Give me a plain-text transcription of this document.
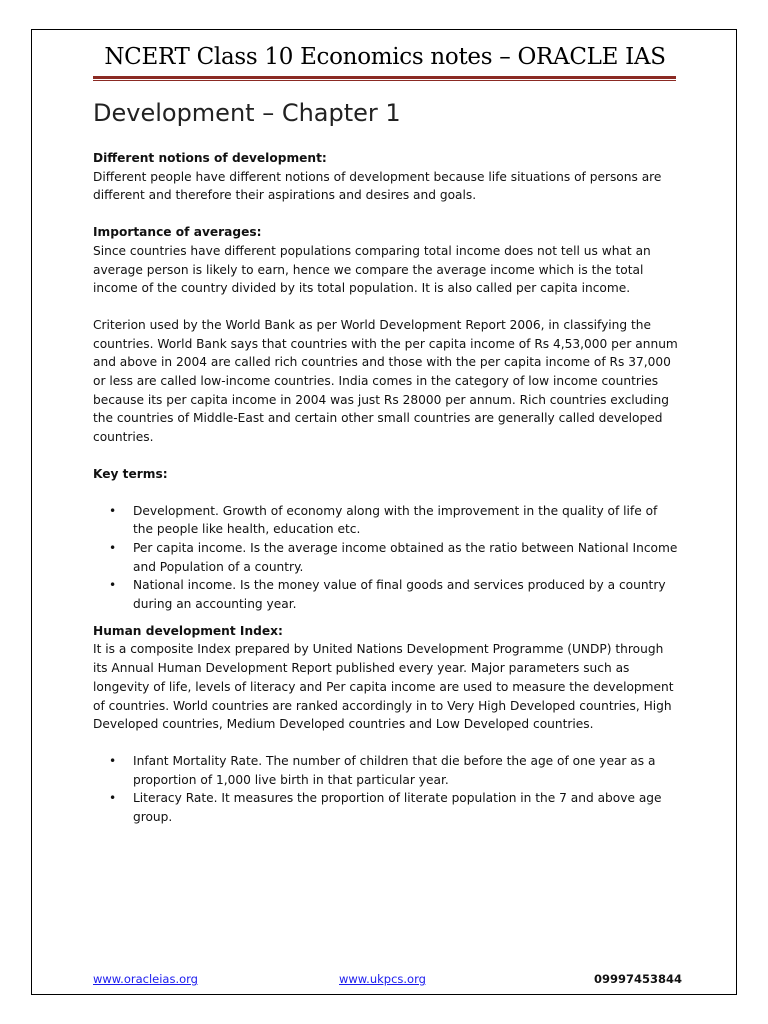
NCERT Class 10 Economics notes – ORACLE IAS
Development – Chapter 1

Different notions of development:

Different people have different notions of development because life situations of persons are different and therefore their aspirations and desires and goals.

Importance of averages:

Since countries have different populations comparing total income does not tell us what an average person is likely to earn, hence we compare the average income which is the total income of the country divided by its total population. It is also called per capita income.

Criterion used by the World Bank as per World Development Report 2006, in classifying the countries. World Bank says that countries with the per capita income of Rs 4,53,000 per annum and above in 2004 are called rich countries and those with the per capita income of Rs 37,000 or less are called low-income countries. India comes in the category of low income countries because its per capita income in 2004 was just Rs 28000 per annum. Rich countries excluding the countries of Middle-East and certain other small countries are generally called developed countries.

Key terms:

• Development. Growth of economy along with the improvement in the quality of life of the people like health, education etc.
• Per capita income. Is the average income obtained as the ratio between National Income and Population of a country.
• National income. Is the money value of final goods and services produced by a country during an accounting year.

Human development Index:

It is a composite Index prepared by United Nations Development Programme (UNDP) through its Annual Human Development Report published every year. Major parameters such as longevity of life, levels of literacy and Per capita income are used to measure the development of countries. World countries are ranked accordingly in to Very High Developed countries, High Developed countries, Medium Developed countries and Low Developed countries.

• Infant Mortality Rate. The number of children that die before the age of one year as a proportion of 1,000 live birth in that particular year.
• Literacy Rate. It measures the proportion of literate population in the 7 and above age group.
www.oracleias.org	www.ukpcs.org	09997453844
